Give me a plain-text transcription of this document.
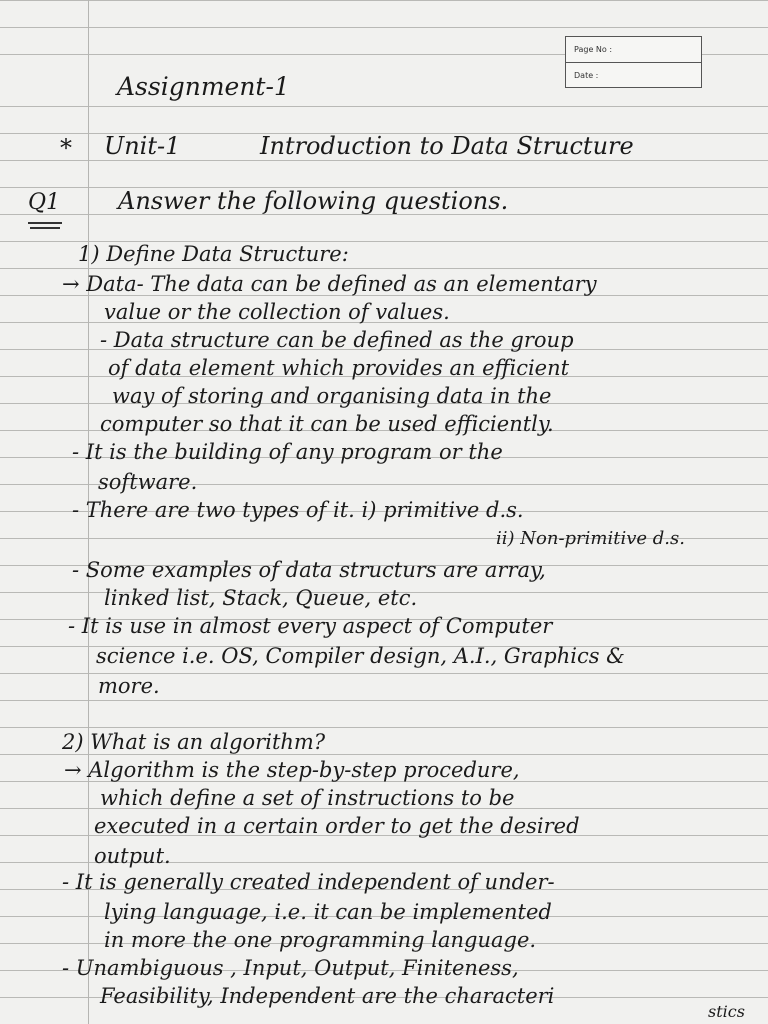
Page No :
Date :
Assignment-1
* Unit-1	Introduction to Data Structure
Q1 Answer the following questions.
1) Define Data Structure:
→ Data- The data can be defined as an elementary
value or the collection of values.
- Data structure can be defined as the group
of data element which provides an efficient
way of storing and organising data in the
computer so that it can be used efficiently.
- It is the building of any program or the
software.
- There are two types of it. i) primitive d.s.
ii) Non-primitive d.s.
- Some examples of data structurs are array,
linked list, Stack, Queue, etc.
- It is use in almost every aspect of Computer
science i.e. OS, Compiler design, A.I., Graphics &
more.
2) What is an algorithm?
→ Algorithm is the step-by-step procedure,
which define a set of instructions to be
executed in a certain order to get the desired
output.
- It is generally created independent of under-
lying language, i.e. it can be implemented
in more the one programming language.
- Unambiguous , Input, Output, Finiteness,
Feasibility, Independent are the characteri
stics
